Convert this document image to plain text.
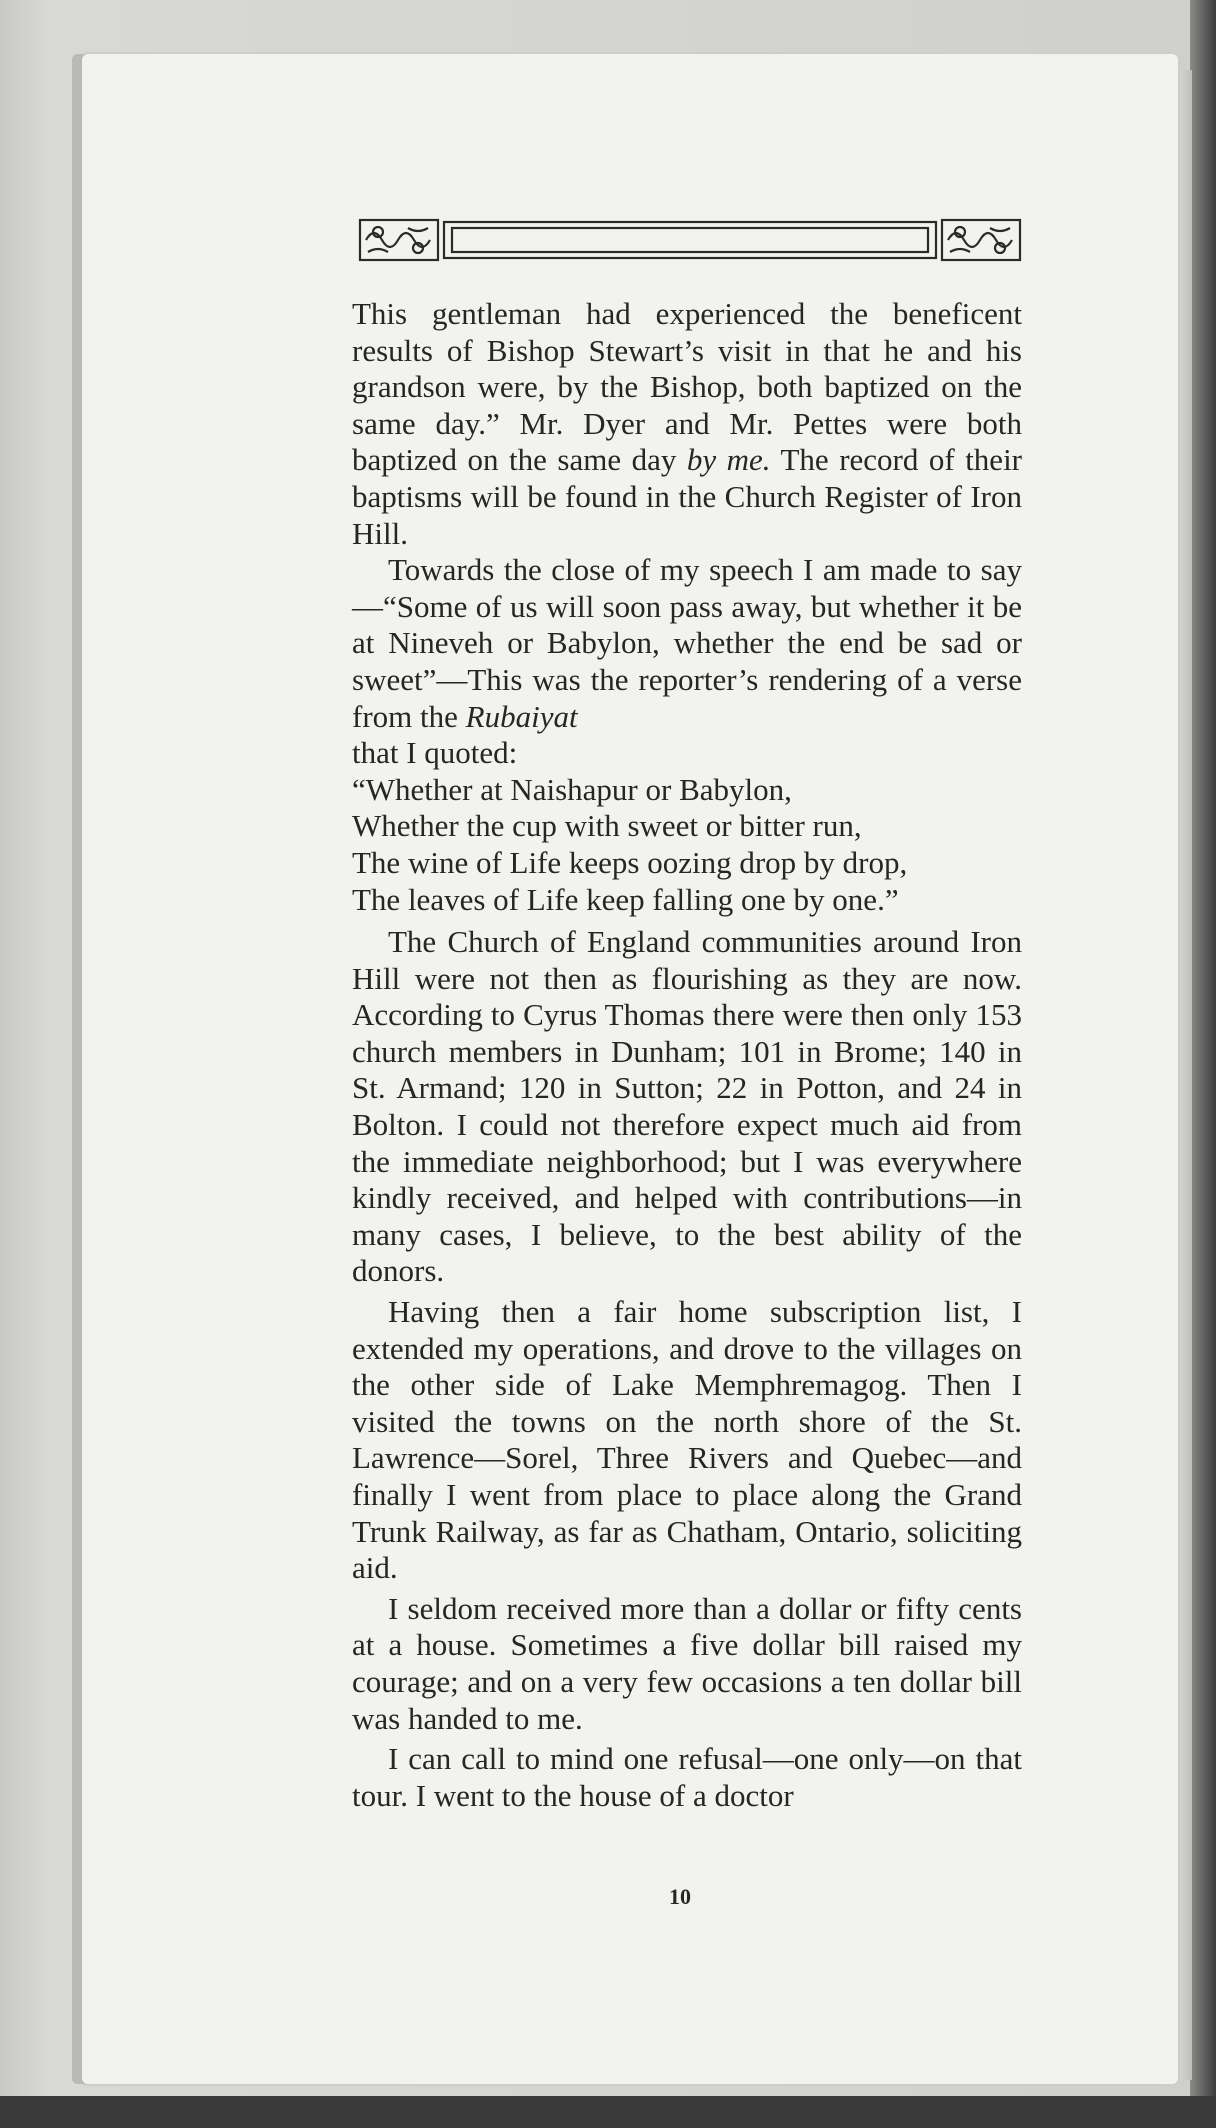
This gentleman had experienced the beneficent results of Bishop Stewart’s visit in that he and his grandson were, by the Bishop, both baptized on the same day.” Mr. Dyer and Mr. Pettes were both baptized on the same day by me. The record of their baptisms will be found in the Church Register of Iron Hill.

Towards the close of my speech I am made to say—“Some of us will soon pass away, but whether it be at Nineveh or Babylon, whether the end be sad or sweet”—This was the reporter’s rendering of a verse from the Rubaiyat
that I quoted:

“Whether at Naishapur or Babylon,
Whether the cup with sweet or bitter run,
The wine of Life keeps oozing drop by drop,
The leaves of Life keep falling one by one.”

The Church of England communities around Iron Hill were not then as flourishing as they are now. According to Cyrus Thomas there were then only 153 church members in Dunham; 101 in Brome; 140 in St. Armand; 120 in Sutton; 22 in Potton, and 24 in Bolton. I could not therefore expect much aid from the immediate neighborhood; but I was everywhere kindly received, and helped with contributions—in many cases, I believe, to the best ability of the donors.

Having then a fair home subscription list, I extended my operations, and drove to the villages on the other side of Lake Memphremagog. Then I visited the towns on the north shore of the St. Lawrence—Sorel, Three Rivers and Quebec—and finally I went from place to place along the Grand Trunk Railway, as far as Chatham, Ontario, soliciting aid.

I seldom received more than a dollar or fifty cents at a house. Sometimes a five dollar bill raised my courage; and on a very few occasions a ten dollar bill was handed to me.

I can call to mind one refusal—one only—on that tour. I went to the house of a doctor

10
